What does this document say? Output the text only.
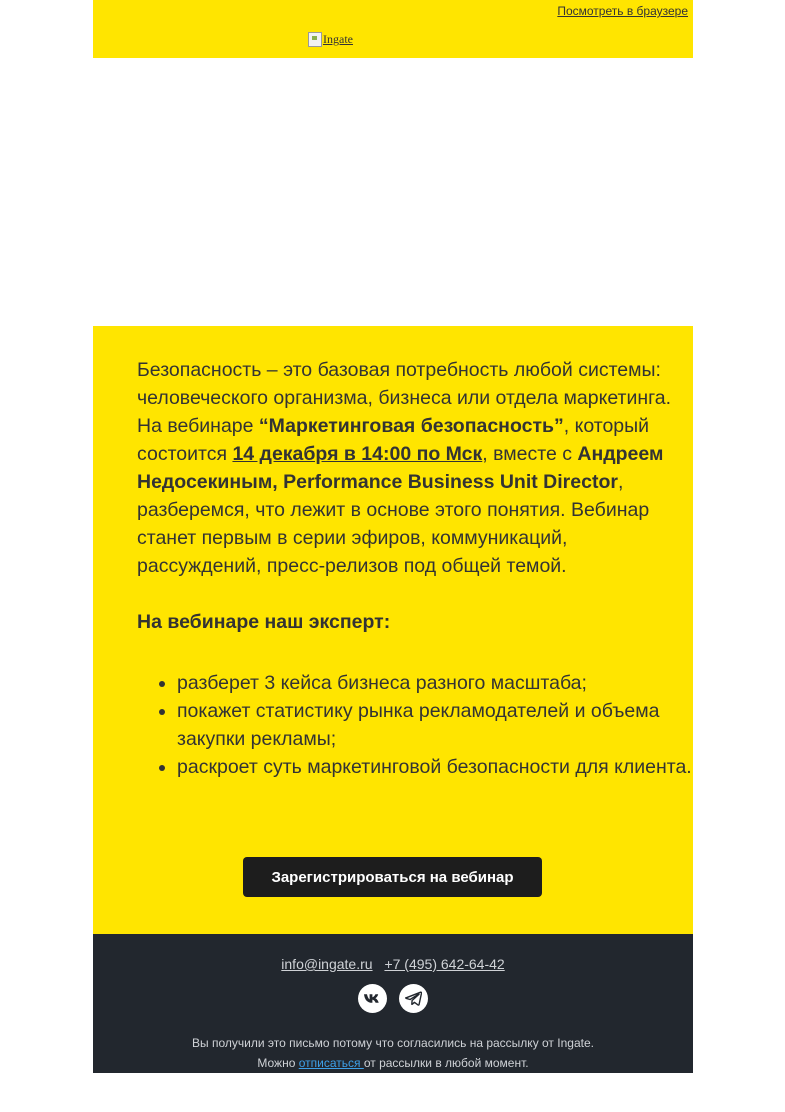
Посмотреть в браузере
Ingate
Безопасность – это базовая потребность любой системы: человеческого организма, бизнеса или отдела маркетинга. На вебинаре “Маркетинговая безопасность”, который состоится 14 декабря в 14:00 по Мск, вместе с Андреем Недосекиным, Performance Business Unit Director, разберемся, что лежит в основе этого понятия. Вебинар станет первым в серии эфиров, коммуникаций, рассуждений, пресс-релизов под общей темой.
На вебинаре наш эксперт:
• разберет 3 кейса бизнеса разного масштаба;
• покажет статистику рынка рекламодателей и объема закупки рекламы;
• раскроет суть маркетинговой безопасности для клиента.
Зарегистрироваться на вебинар
info@ingate.ru +7 (495) 642-64-42
Вы получили это письмо потому что согласились на рассылку от Ingate.
Можно отписаться от рассылки в любой момент.
